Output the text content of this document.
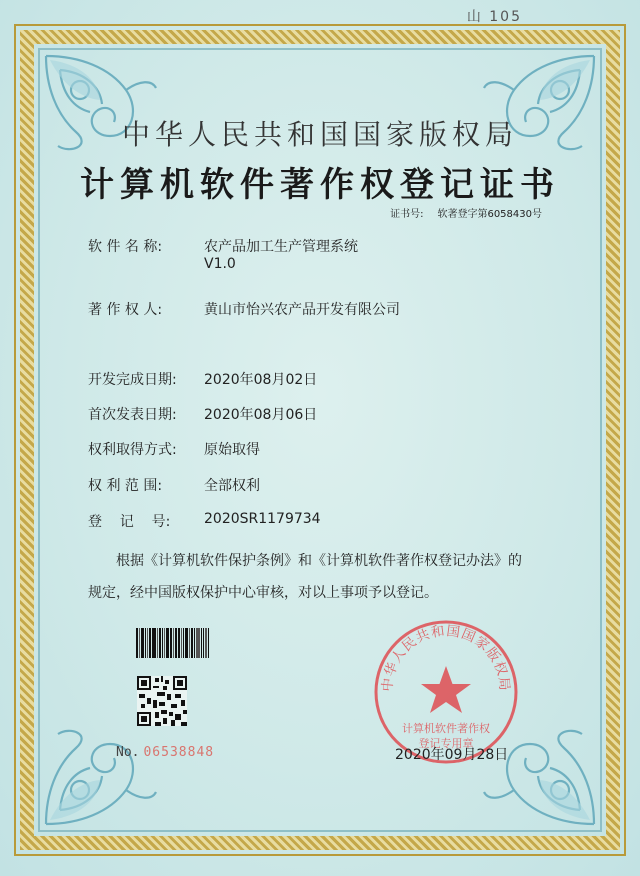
山 105
中华人民共和国国家版权局
计算机软件著作权登记证书
证书号: 软著登字第6058430号
软 件 名 称:	农产品加工生产管理系统
V1.0
著 作 权 人:	黄山市怡兴农产品开发有限公司
开发完成日期: 2020年08月02日
首次发表日期: 2020年08月06日
权利取得方式: 原始取得
权 利 范 围:	全部权利
登    记    号: 2020SR1179734
根据《计算机软件保护条例》和《计算机软件著作权登记办法》的
规定，经中国版权保护中心审核，对以上事项予以登记。
No. 06538848
中华人民共和国国家版权局
计算机软件著作权
登记专用章
2020年09月28日
